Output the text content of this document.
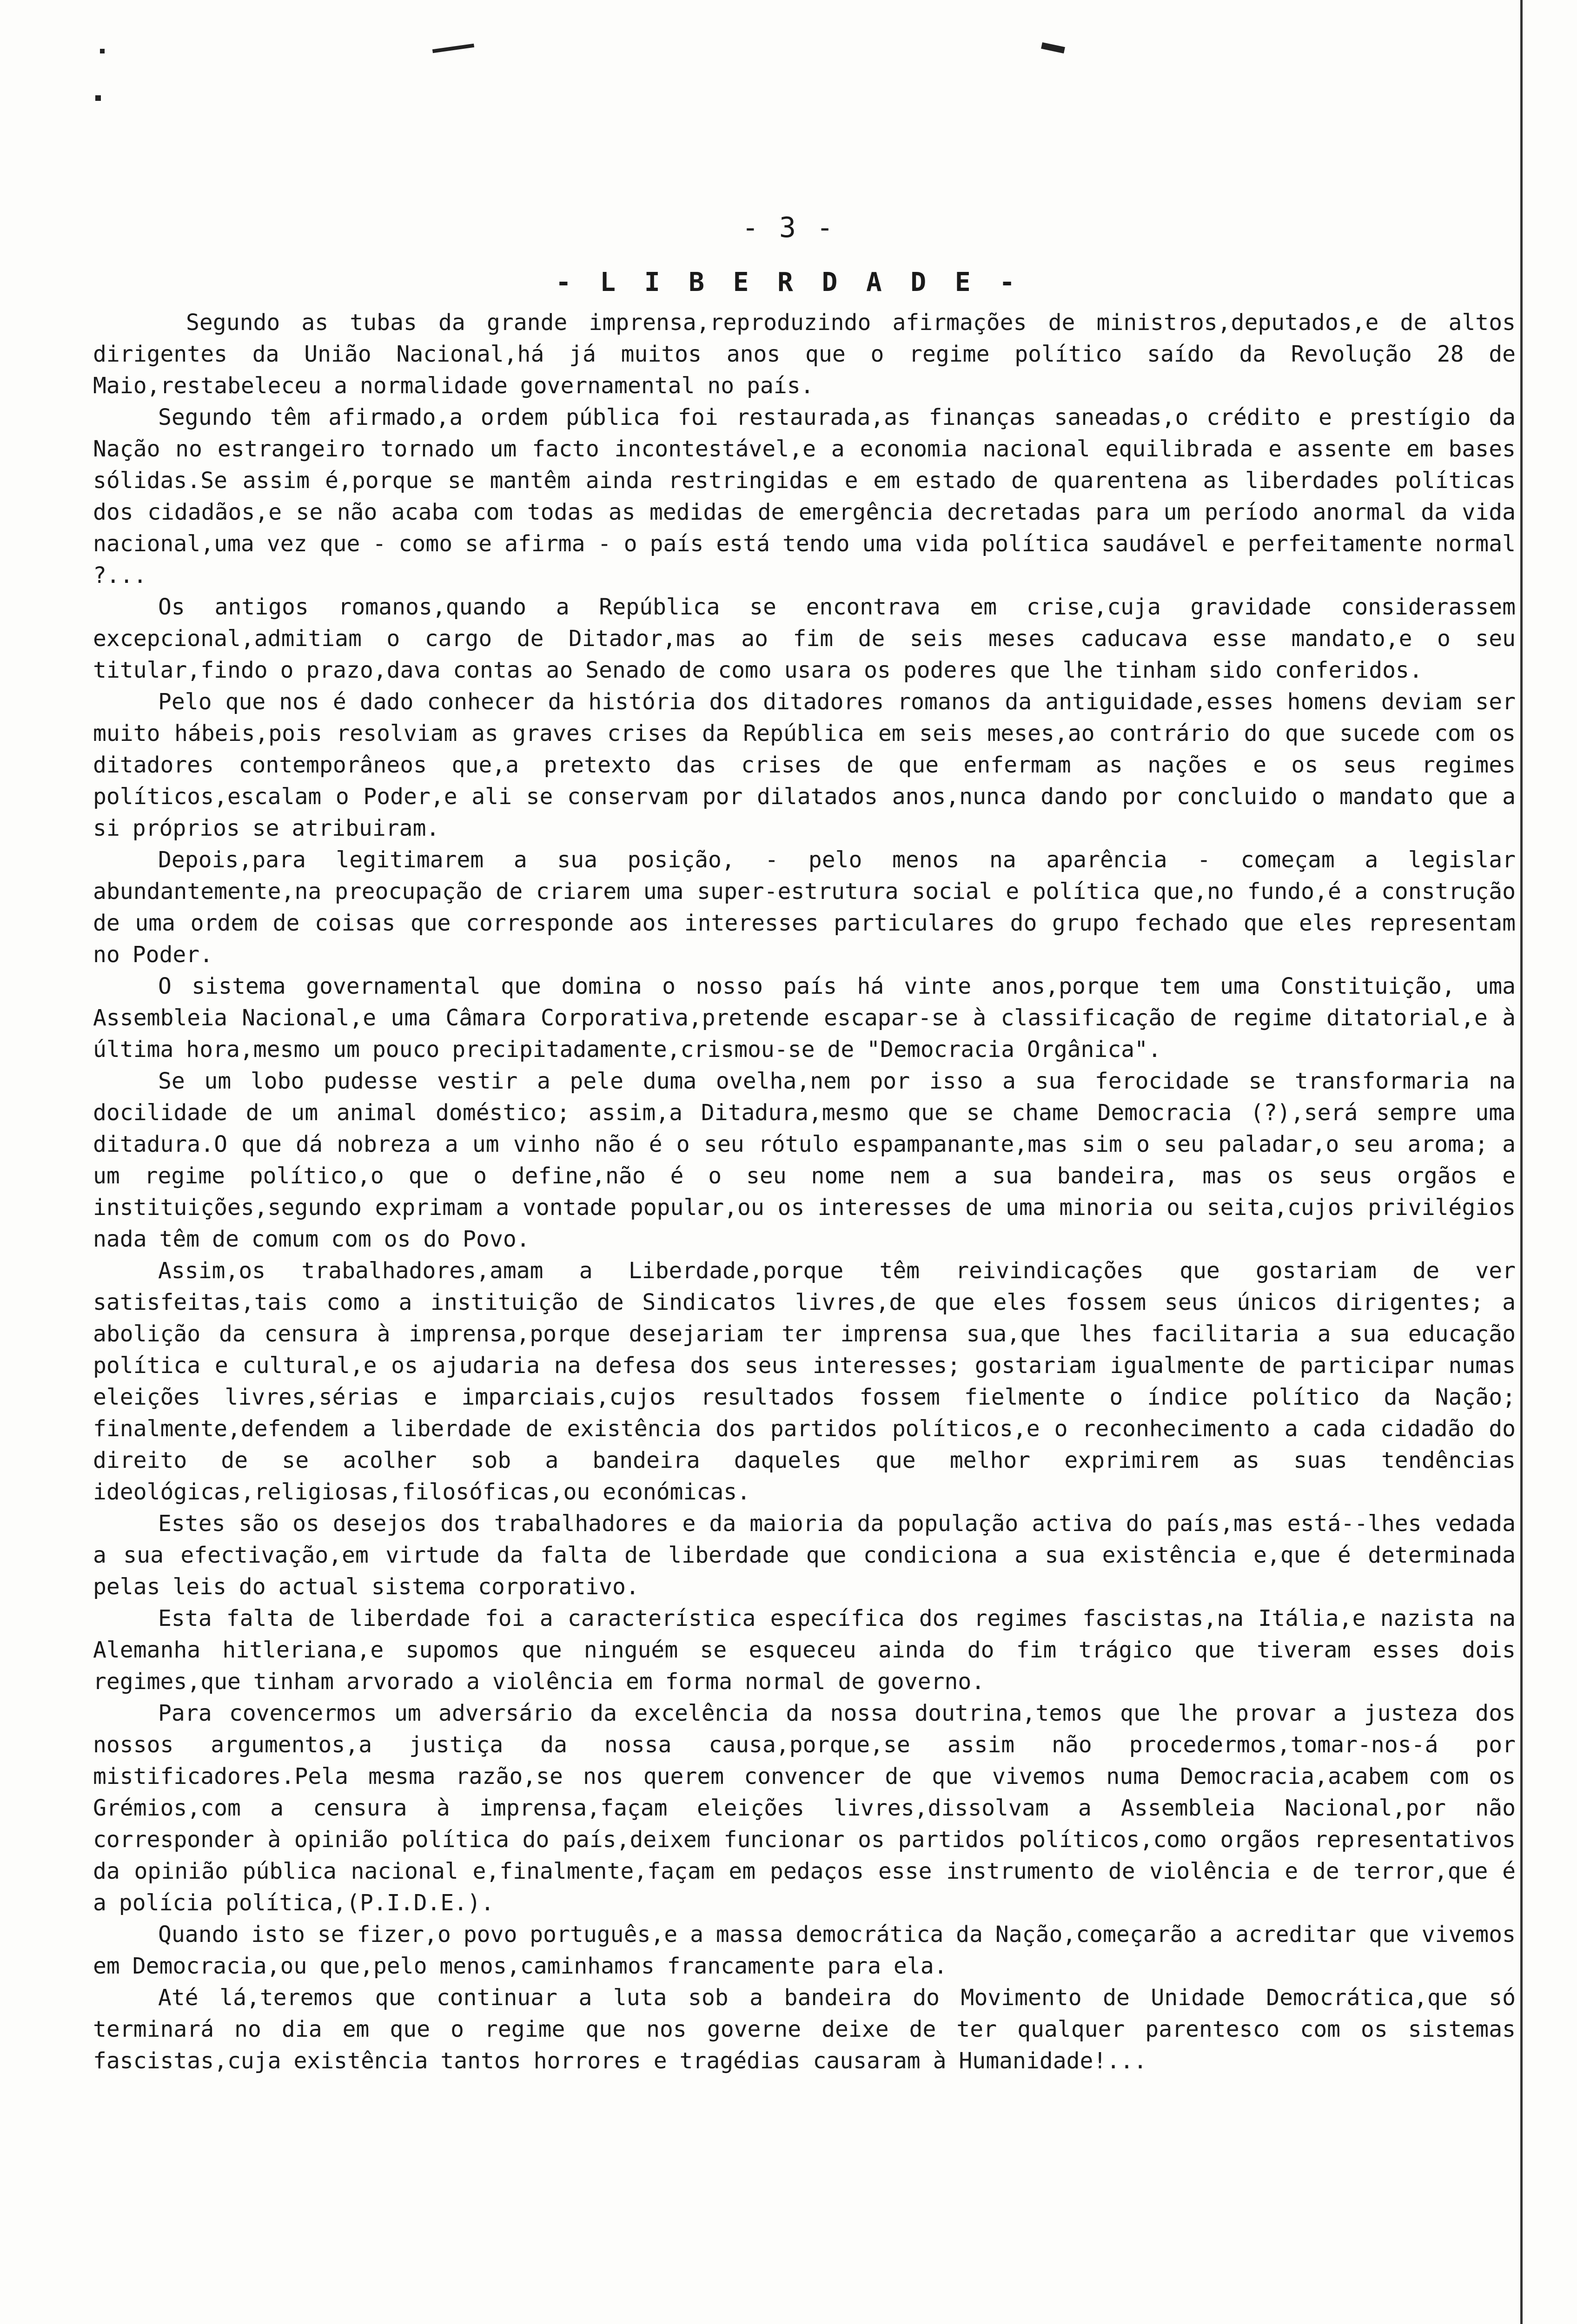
- 3 -
- L I B E R D A D E -

Segundo as tubas da grande imprensa,reproduzindo afirmações de ministros,deputados,e de altos dirigentes da União Nacional,há já muitos anos que o regime político saído da Revolução 28 de Maio,restabeleceu a normalidade governamental no país.

Segundo têm afirmado,a ordem pública foi restaurada,as finanças saneadas,o crédito e prestígio da Nação no estrangeiro tornado um facto incontestável,e a economia nacional equilibrada e assente em bases sólidas.Se assim é,porque se mantêm ainda restringidas e em estado de quarentena as liberdades políticas dos cidadãos,e se não acaba com todas as medidas de emergência decretadas para um período anormal da vida nacional,uma vez que - como se afirma - o país está tendo uma vida política saudável e perfeitamente normal ?...

Os antigos romanos,quando a República se encontrava em crise,cuja gravidade considerassem excepcional,admitiam o cargo de Ditador,mas ao fim de seis meses caducava esse mandato,e o seu titular,findo o prazo,dava contas ao Senado de como usara os poderes que lhe tinham sido conferidos.

Pelo que nos é dado conhecer da história dos ditadores romanos da antiguidade,esses homens deviam ser muito hábeis,pois resolviam as graves crises da República em seis meses,ao contrário do que sucede com os ditadores contemporâneos que,a pretexto das crises de que enfermam as nações e os seus regimes políticos,escalam o Poder,e ali se conservam por dilatados anos,nunca dando por concluido o mandato que a si próprios se atribuiram.

Depois,para legitimarem a sua posição, - pelo menos na aparência - começam a legislar abundantemente,na preocupação de criarem uma super-estrutura social e política que,no fundo,é a construção de uma ordem de coisas que corresponde aos interesses particulares do grupo fechado que eles representam no Poder.

O sistema governamental que domina o nosso país há vinte anos,porque tem uma Constituição, uma Assembleia Nacional,e uma Câmara Corporativa,pretende escapar-se à classificação de regime ditatorial,e à última hora,mesmo um pouco precipitadamente,crismou-se de "Democracia Orgânica".

Se um lobo pudesse vestir a pele duma ovelha,nem por isso a sua ferocidade se transformaria na docilidade de um animal doméstico; assim,a Ditadura,mesmo que se chame Democracia (?),será sempre uma ditadura.O que dá nobreza a um vinho não é o seu rótulo espampanante,mas sim o seu paladar,o seu aroma; a um regime político,o que o define,não é o seu nome nem a sua bandeira, mas os seus orgãos e instituições,segundo exprimam a vontade popular,ou os interesses de uma minoria ou seita,cujos privilégios nada têm de comum com os do Povo.

Assim,os trabalhadores,amam a Liberdade,porque têm reivindicações que gostariam de ver satisfeitas,tais como a instituição de Sindicatos livres,de que eles fossem seus únicos dirigentes; a abolição da censura à imprensa,porque desejariam ter imprensa sua,que lhes facilitaria a sua educação política e cultural,e os ajudaria na defesa dos seus interesses; gostariam igualmente de participar numas eleições livres,sérias e imparciais,cujos resultados fossem fielmente o índice político da Nação; finalmente,defendem a liberdade de existência dos partidos políticos,e o reconhecimento a cada cidadão do direito de se acolher sob a bandeira daqueles que melhor exprimirem as suas tendências ideológicas,religiosas,filosóficas,ou económicas.

Estes são os desejos dos trabalhadores e da maioria da população activa do país,mas está--lhes vedada a sua efectivação,em virtude da falta de liberdade que condiciona a sua existência e,que é determinada pelas leis do actual sistema corporativo.

Esta falta de liberdade foi a característica específica dos regimes fascistas,na Itália,e nazista na Alemanha hitleriana,e supomos que ninguém se esqueceu ainda do fim trágico que tiveram esses dois regimes,que tinham arvorado a violência em forma normal de governo.

Para covencermos um adversário da excelência da nossa doutrina,temos que lhe provar a justeza dos nossos argumentos,a justiça da nossa causa,porque,se assim não procedermos,tomar-nos-á por mistificadores.Pela mesma razão,se nos querem convencer de que vivemos numa Democracia,acabem com os Grémios,com a censura à imprensa,façam eleições livres,dissolvam a Assembleia Nacional,por não corresponder à opinião política do país,deixem funcionar os partidos políticos,como orgãos representativos da opinião pública nacional e,finalmente,façam em pedaços esse instrumento de violência e de terror,que é a polícia política,(P.I.D.E.).

Quando isto se fizer,o povo português,e a massa democrática da Nação,começarão a acreditar que vivemos em Democracia,ou que,pelo menos,caminhamos francamente para ela.

Até lá,teremos que continuar a luta sob a bandeira do Movimento de Unidade Democrática,que só terminará no dia em que o regime que nos governe deixe de ter qualquer parentesco com os sistemas fascistas,cuja existência tantos horrores e tragédias causaram à Humanidade!...
